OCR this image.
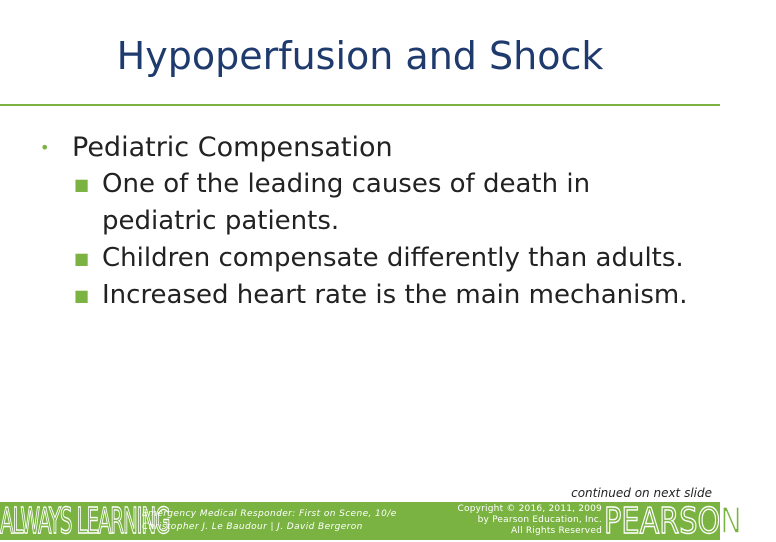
Hypoperfusion and Shock
• Pediatric Compensation
■ One of the leading causes of death in pediatric patients.
■ Children compensate differently than adults.
■ Increased heart rate is the main mechanism.
continued on next slide
ALWAYS LEARNING
Emergency Medical Responder: First on Scene, 10/e
Christopher J. Le Baudour | J. David Bergeron
Copyright © 2016, 2011, 2009
by Pearson Education, Inc.
All Rights Reserved PEARSON
